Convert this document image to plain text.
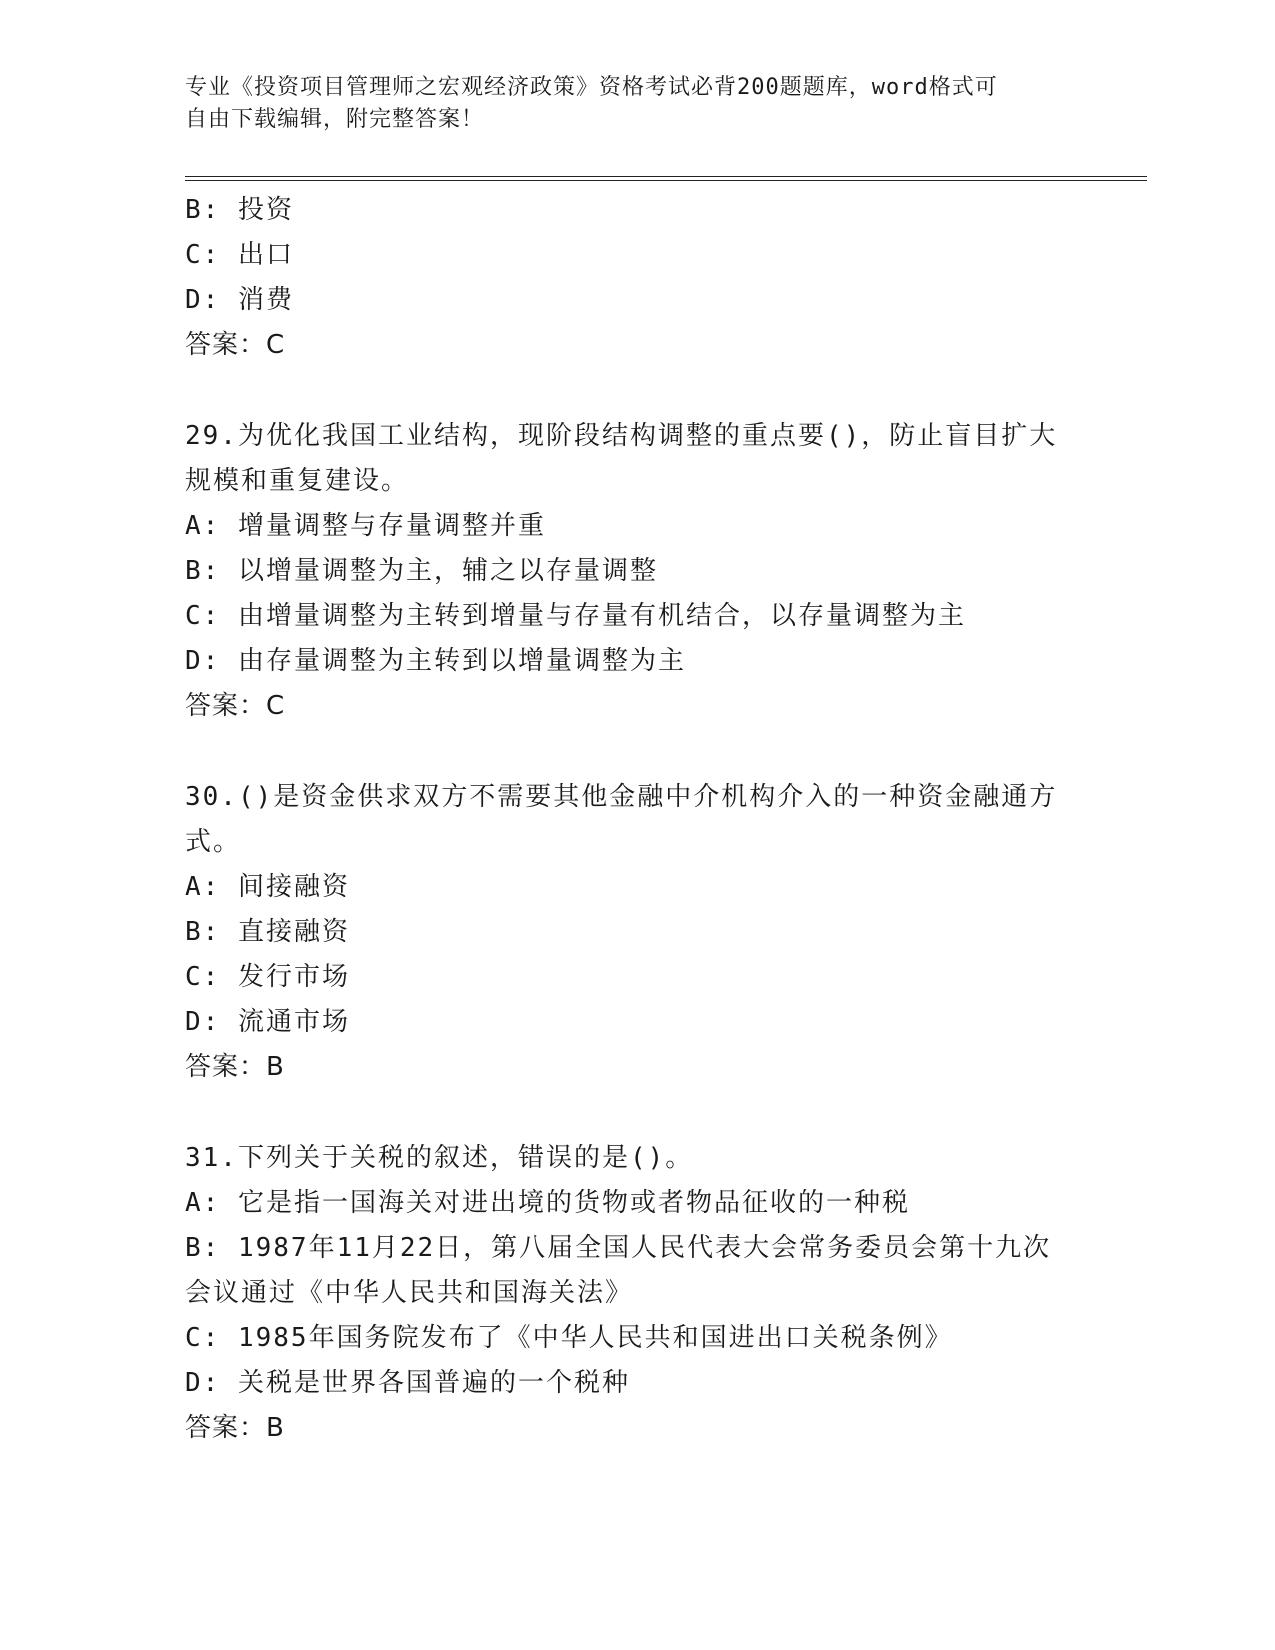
专业《投资项目管理师之宏观经济政策》资格考试必背200题题库，word格式可
自由下载编辑，附完整答案！
B: 投资
C: 出口
D: 消费
答案：C
29.为优化我国工业结构，现阶段结构调整的重点要()，防止盲目扩大
规模和重复建设。
A: 增量调整与存量调整并重
B: 以增量调整为主，辅之以存量调整
C: 由增量调整为主转到增量与存量有机结合，以存量调整为主
D: 由存量调整为主转到以增量调整为主
答案：C
30.()是资金供求双方不需要其他金融中介机构介入的一种资金融通方
式。
A: 间接融资
B: 直接融资
C: 发行市场
D: 流通市场
答案：B
31.下列关于关税的叙述，错误的是()。
A: 它是指一国海关对进出境的货物或者物品征收的一种税
B: 1987年11月22日，第八届全国人民代表大会常务委员会第十九次
会议通过《中华人民共和国海关法》
C: 1985年国务院发布了《中华人民共和国进出口关税条例》
D: 关税是世界各国普遍的一个税种
答案：B
